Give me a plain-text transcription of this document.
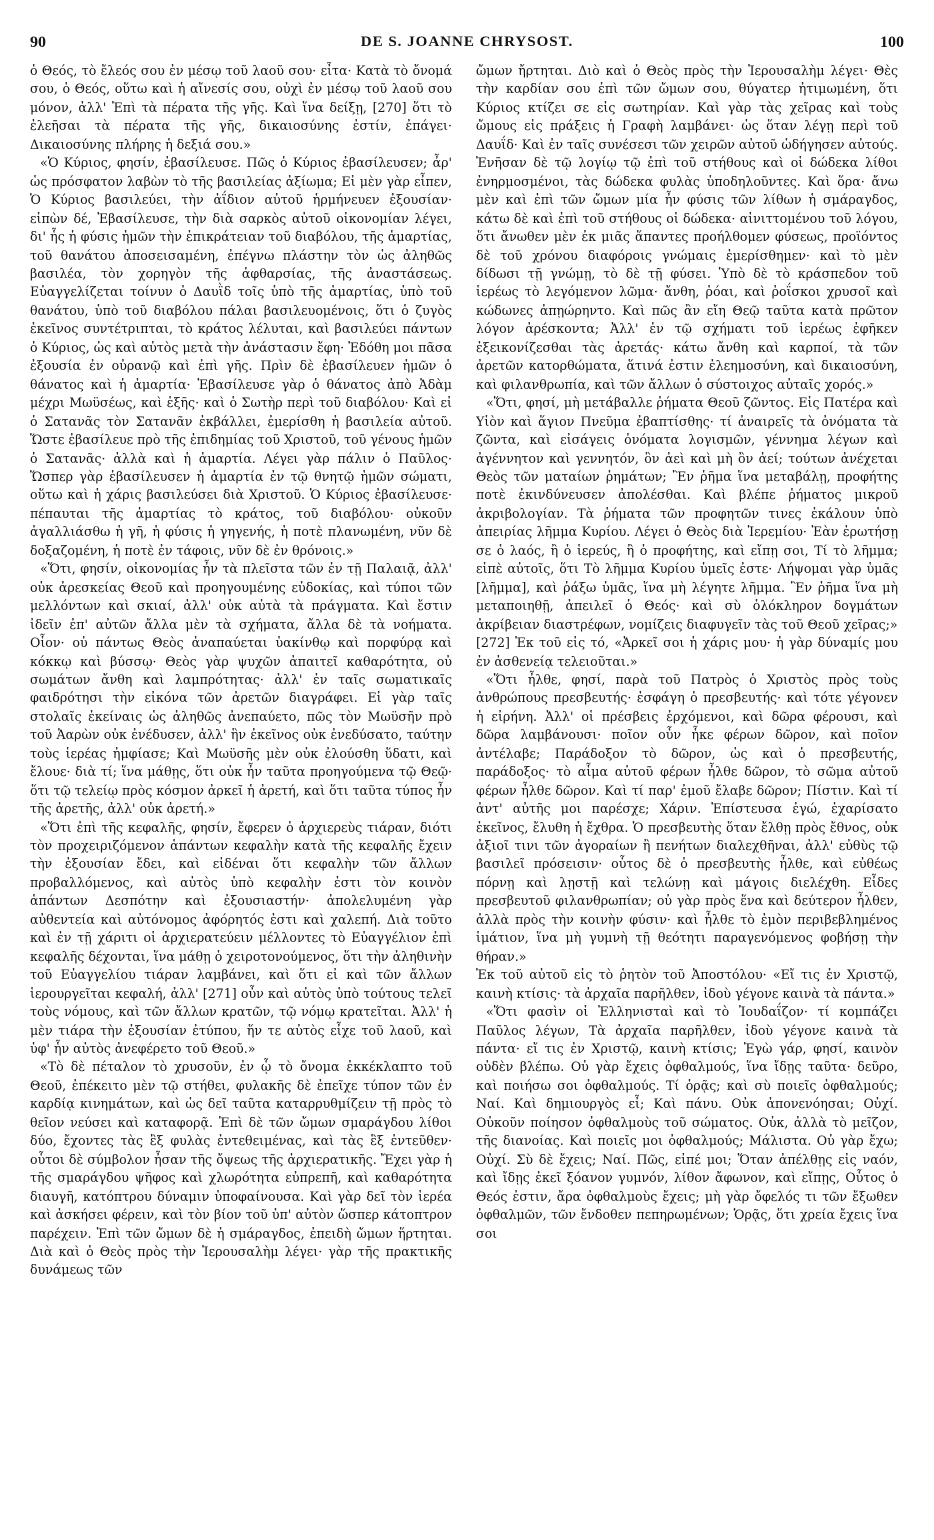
90	DE S. JOANNE CHRYSOST.	100

ὁ Θεός, τὸ ἔλεός σου ἐν μέσῳ τοῦ λαοῦ σου· εἶτα· Κατὰ τὸ ὄνομά σου, ὁ Θεός, οὕτω καὶ ἡ αἴνεσίς σου, οὐχὶ ἐν μέσῳ τοῦ λαοῦ σου μόνον, ἀλλ' Ἐπὶ τὰ πέρατα τῆς γῆς. Καὶ ἵνα δείξῃ, [270] ὅτι τὸ ἐλεῆσαι τὰ πέρατα τῆς γῆς, δικαιοσύνης ἐστίν, ἐπάγει· Δικαιοσύνης πλήρης ἡ δεξιά σου.»

«Ὁ Κύριος, φησίν, ἐβασίλευσε. Πῶς ὁ Κύριος ἐβασίλευσεν; ἆρ' ὡς πρόσφατον λαβὼν τὸ τῆς βασιλείας ἀξίωμα; Εἰ μὲν γὰρ εἶπεν, Ὁ Κύριος βασιλεύει, τὴν ἀΐδιον αὐτοῦ ἡρμήνευεν ἐξουσίαν· εἰπὼν δέ, Ἐβασίλευσε, τὴν διὰ σαρκὸς αὐτοῦ οἰκονομίαν λέγει, δι' ἧς ἡ φύσις ἡμῶν τὴν ἐπικράτειαν τοῦ διαβόλου, τῆς ἁμαρτίας, τοῦ θανάτου ἀποσεισαμένη, ἐπέγνω πλάστην τὸν ὡς ἀληθῶς βασιλέα, τὸν χορηγὸν τῆς ἀφθαρσίας, τῆς ἀναστάσεως. Εὐαγγελίζεται τοίνυν ὁ Δαυῒδ τοῖς ὑπὸ τῆς ἁμαρτίας, ὑπὸ τοῦ θανάτου, ὑπὸ τοῦ διαβόλου πάλαι βασιλευομένοις, ὅτι ὁ ζυγὸς ἐκεῖνος συντέτριπται, τὸ κράτος λέλυται, καὶ βασιλεύει πάντων ὁ Κύριος, ὡς καὶ αὐτὸς μετὰ τὴν ἀνάστασιν ἔφη· Ἐδόθη μοι πᾶσα ἐξουσία ἐν οὐρανῷ καὶ ἐπὶ γῆς. Πρὶν δὲ ἐβασίλευεν ἡμῶν ὁ θάνατος καὶ ἡ ἁμαρτία· Ἐβασίλευσε γὰρ ὁ θάνατος ἀπὸ Ἀδὰμ μέχρι Μωϋσέως, καὶ ἑξῆς· καὶ ὁ Σωτὴρ περὶ τοῦ διαβόλου· Καὶ εἰ ὁ Σατανᾶς τὸν Σατανᾶν ἐκβάλλει, ἐμερίσθη ἡ βασιλεία αὐτοῦ. Ὥστε ἐβασίλευε πρὸ τῆς ἐπιδημίας τοῦ Χριστοῦ, τοῦ γένους ἡμῶν ὁ Σατανᾶς· ἀλλὰ καὶ ἡ ἁμαρτία. Λέγει γὰρ πάλιν ὁ Παῦλος· Ὥσπερ γὰρ ἐβασίλευσεν ἡ ἁμαρτία ἐν τῷ θνητῷ ἡμῶν σώματι, οὕτω καὶ ἡ χάρις βασιλεύσει διὰ Χριστοῦ. Ὁ Κύριος ἐβασίλευσε· πέπαυται τῆς ἁμαρτίας τὸ κράτος, τοῦ διαβόλου· οὐκοῦν ἀγαλλιάσθω ἡ γῆ, ἡ φύσις ἡ γηγενής, ἡ ποτὲ πλανωμένη, νῦν δὲ δοξαζομένη, ἡ ποτὲ ἐν τάφοις, νῦν δὲ ἐν θρόνοις.»

«Ὅτι, φησίν, οἰκονομίας ἦν τὰ πλεῖστα τῶν ἐν τῇ Παλαιᾷ, ἀλλ' οὐκ ἀρεσκείας Θεοῦ καὶ προηγουμένης εὐδοκίας, καὶ τύποι τῶν μελλόντων καὶ σκιαί, ἀλλ' οὐκ αὐτὰ τὰ πράγματα. Καὶ ἔστιν ἰδεῖν ἐπ' αὐτῶν ἄλλα μὲν τὰ σχήματα, ἄλλα δὲ τὰ νοήματα. Οἷον· οὐ πάντως Θεὸς ἀναπαύεται ὑακίνθῳ καὶ πορφύρᾳ καὶ κόκκῳ καὶ βύσσῳ· Θεὸς γὰρ ψυχῶν ἀπαιτεῖ καθαρότητα, οὐ σωμάτων ἄνθη καὶ λαμπρότητας· ἀλλ' ἐν ταῖς σωματικαῖς φαιδρότησι τὴν εἰκόνα τῶν ἀρετῶν διαγράφει. Εἰ γὰρ ταῖς στολαῖς ἐκείναις ὡς ἀληθῶς ἀνεπαύετο, πῶς τὸν Μωϋσῆν πρὸ τοῦ Ἀαρὼν οὐκ ἐνέδυσεν, ἀλλ' ἣν ἐκεῖνος οὐκ ἐνεδύσατο, ταύτην τοὺς ἱερέας ἠμφίασε; Καὶ Μωϋσῆς μὲν οὐκ ἐλούσθη ὕδατι, καὶ ἔλουε· διὰ τί; ἵνα μάθῃς, ὅτι οὐκ ἦν ταῦτα προηγούμενα τῷ Θεῷ· ὅτι τῷ τελείῳ πρὸς κόσμον ἀρκεῖ ἡ ἀρετή, καὶ ὅτι ταῦτα τύπος ἦν τῆς ἀρετῆς, ἀλλ' οὐκ ἀρετή.»

«Ὅτι ἐπὶ τῆς κεφαλῆς, φησίν, ἔφερεν ὁ ἀρχιερεὺς τιάραν, διότι τὸν προχειριζόμενον ἁπάντων κεφαλὴν κατὰ τῆς κεφαλῆς ἔχειν τὴν ἐξουσίαν ἔδει, καὶ εἰδέναι ὅτι κεφαλὴν τῶν ἄλλων προβαλλόμενος, καὶ αὐτὸς ὑπὸ κεφαλὴν ἐστι τὸν κοινὸν ἁπάντων Δεσπότην καὶ ἐξουσιαστήν· ἀπολελυμένη γὰρ αὐθεντεία καὶ αὐτόνομος ἀφόρητός ἐστι καὶ χαλεπή. Διὰ τοῦτο καὶ ἐν τῇ χάριτι οἱ ἀρχιερατεύειν μέλλοντες τὸ Εὐαγγέλιον ἐπὶ κεφαλῆς δέχονται, ἵνα μάθῃ ὁ χειροτονούμενος, ὅτι τὴν ἀληθινὴν τοῦ Εὐαγγελίου τιάραν λαμβάνει, καὶ ὅτι εἰ καὶ τῶν ἄλλων ἱερουργεῖται κεφαλή, ἀλλ' [271] οὖν καὶ αὐτὸς ὑπὸ τούτους τελεῖ τοὺς νόμους, καὶ τῶν ἄλλων κρατῶν, τῷ νόμῳ κρατεῖται. Ἀλλ' ἡ μὲν τιάρα τὴν ἐξουσίαν ἐτύπου, ἥν τε αὐτὸς εἶχε τοῦ λαοῦ, καὶ ὑφ' ἧν αὐτὸς ἀνεφέρετο τοῦ Θεοῦ.»

«Τὸ δὲ πέταλον τὸ χρυσοῦν, ἐν ᾧ τὸ ὄνομα ἐκκέκλαπτο τοῦ Θεοῦ, ἐπέκειτο μὲν τῷ στήθει, φυλακῆς δὲ ἐπεῖχε τύπον τῶν ἐν καρδίᾳ κινημάτων, καὶ ὡς δεῖ ταῦτα καταρρυθμίζειν τῇ πρὸς τὸ θεῖον νεύσει καὶ καταφορᾷ. Ἐπὶ δὲ τῶν ὤμων σμαράγδου λίθοι δύο, ἔχοντες τὰς ἓξ φυλὰς ἐντεθειμένας, καὶ τὰς ἓξ ἐντεῦθεν· οὗτοι δὲ σύμβολον ἦσαν τῆς ὄψεως τῆς ἀρχιερατικῆς. Ἔχει γὰρ ἡ τῆς σμαράγδου ψῆφος καὶ χλωρότητα εὐπρεπῆ, καὶ καθαρότητα διαυγῆ, κατόπτρου δύναμιν ὑποφαίνουσα. Καὶ γὰρ δεῖ τὸν ἱερέα καὶ ἀσκήσει φέρειν, καὶ τὸν βίον τοῦ ὑπ' αὐτὸν ὥσπερ κάτοπτρον παρέχειν. Ἐπὶ τῶν ὤμων δὲ ἡ σμάραγδος, ἐπειδὴ ὤμων ἥρτηται. Διὰ καὶ ὁ Θεὸς πρὸς τὴν Ἱερουσαλὴμ λέγει· γὰρ τῆς πρακτικῆς δυνάμεως τῶν

ὤμων ἤρτηται. Διὸ καὶ ὁ Θεὸς πρὸς τὴν Ἱερουσαλὴμ λέγει· Θὲς τὴν καρδίαν σου ἐπὶ τῶν ὤμων σου, θύγατερ ἠτιμωμένη, ὅτι Κύριος κτίζει σε εἰς σωτηρίαν. Καὶ γὰρ τὰς χεῖρας καὶ τοὺς ὤμους εἰς πράξεις ἡ Γραφὴ λαμβάνει· ὡς ὅταν λέγῃ περὶ τοῦ Δαυΐδ· Καὶ ἐν ταῖς συνέσεσι τῶν χειρῶν αὐτοῦ ὡδήγησεν αὐτούς. Ἐνῆσαν δὲ τῷ λογίῳ τῷ ἐπὶ τοῦ στήθους καὶ οἱ δώδεκα λίθοι ἐνηρμοσμένοι, τὰς δώδεκα φυλὰς ὑποδηλοῦντες. Καὶ ὅρα· ἄνω μὲν καὶ ἐπὶ τῶν ὤμων μία ἦν φύσις τῶν λίθων ἡ σμάραγδος, κάτω δὲ καὶ ἐπὶ τοῦ στήθους οἱ δώδεκα· αἰνιττομένου τοῦ λόγου, ὅτι ἄνωθεν μὲν ἐκ μιᾶς ἅπαντες προήλθομεν φύσεως, προϊόντος δὲ τοῦ χρόνου διαφόροις γνώμαις ἐμερίσθημεν· καὶ τὸ μὲν δίδωσι τῇ γνώμῃ, τὸ δὲ τῇ φύσει. Ὑπὸ δὲ τὸ κράσπεδον τοῦ ἱερέως τὸ λεγόμενον λῶμα· ἄνθη, ῥόαι, καὶ ῥοΐσκοι χρυσοῖ καὶ κώδωνες ἀπῃώρηντο. Καὶ πῶς ἂν εἴη Θεῷ ταῦτα κατὰ πρῶτον λόγον ἀρέσκοντα; Ἀλλ' ἐν τῷ σχήματι τοῦ ἱερέως ἐφῆκεν ἐξεικονίζεσθαι τὰς ἀρετάς· κάτω ἄνθη καὶ καρποί, τὰ τῶν ἀρετῶν κατορθώματα, ἅτινά ἐστιν ἐλεημοσύνη, καὶ δικαιοσύνη, καὶ φιλανθρωπία, καὶ τῶν ἄλλων ὁ σύστοιχος αὐταῖς χορός.»

«Ὅτι, φησί, μὴ μετάβαλλε ῥήματα Θεοῦ ζῶντος. Εἰς Πατέρα καὶ Υἱὸν καὶ ἅγιον Πνεῦμα ἐβαπτίσθης· τί ἀναιρεῖς τὰ ὀνόματα τὰ ζῶντα, καὶ εἰσάγεις ὀνόματα λογισμῶν, γέννημα λέγων καὶ ἀγέννητον καὶ γεννητόν, ὃν ἀεὶ καὶ μὴ ὂν ἀεί; τούτων ἀνέχεται Θεὸς τῶν ματαίων ῥημάτων; Ἓν ῥῆμα ἵνα μεταβάλῃ, προφήτης ποτὲ ἐκινδύνευσεν ἀπολέσθαι. Καὶ βλέπε ῥήματος μικροῦ ἀκριβολογίαν. Τὰ ῥήματα τῶν προφητῶν τινες ἐκάλουν ὑπὸ ἀπειρίας λῆμμα Κυρίου. Λέγει ὁ Θεὸς διὰ Ἱερεμίου· Ἐὰν ἐρωτήσῃ σε ὁ λαός, ἢ ὁ ἱερεύς, ἢ ὁ προφήτης, καὶ εἴπῃ σοι, Τί τὸ λῆμμα; εἰπὲ αὐτοῖς, ὅτι Τὸ λῆμμα Κυρίου ὑμεῖς ἐστε· Λήψομαι γὰρ ὑμᾶς [λῆμμα], καὶ ῥάξω ὑμᾶς, ἵνα μὴ λέγητε λῆμμα. Ἓν ῥῆμα ἵνα μὴ μεταποιηθῇ, ἀπειλεῖ ὁ Θεός· καὶ σὺ ὁλόκληρον δογμάτων ἀκρίβειαν διαστρέφων, νομίζεις διαφυγεῖν τὰς τοῦ Θεοῦ χεῖρας;»

[272] Ἐκ τοῦ εἰς τό, «Ἀρκεῖ σοι ἡ χάρις μου· ἡ γὰρ δύναμίς μου ἐν ἀσθενείᾳ τελειοῦται.»

«Ὅτι ἦλθε, φησί, παρὰ τοῦ Πατρὸς ὁ Χριστὸς πρὸς τοὺς ἀνθρώπους πρεσβευτής· ἐσφάγη ὁ πρεσβευτής· καὶ τότε γέγονεν ἡ εἰρήνη. Ἀλλ' οἱ πρέσβεις ἐρχόμενοι, καὶ δῶρα φέρουσι, καὶ δῶρα λαμβάνουσι· ποῖον οὖν ἧκε φέρων δῶρον, καὶ ποῖον ἀντέλαβε; Παράδοξον τὸ δῶρον, ὡς καὶ ὁ πρεσβευτής, παράδοξος· τὸ αἷμα αὐτοῦ φέρων ἦλθε δῶρον, τὸ σῶμα αὐτοῦ φέρων ἦλθε δῶρον. Καὶ τί παρ' ἐμοῦ ἔλαβε δῶρον; Πίστιν. Καὶ τί ἀντ' αὐτῆς μοι παρέσχε; Χάριν. Ἐπίστευσα ἐγώ, ἐχαρίσατο ἐκεῖνος, ἔλυθη ἡ ἔχθρα. Ὁ πρεσβευτὴς ὅταν ἔλθῃ πρὸς ἔθνος, οὐκ ἀξιοῖ τινι τῶν ἀγοραίων ἢ πενήτων διαλεχθῆναι, ἀλλ' εὐθὺς τῷ βασιλεῖ πρόσεισιν· οὗτος δὲ ὁ πρεσβευτὴς ἦλθε, καὶ εὐθέως πόρνῃ καὶ λῃστῇ καὶ τελώνῃ καὶ μάγοις διελέχθη. Εἶδες πρεσβευτοῦ φιλανθρωπίαν; οὐ γὰρ πρὸς ἕνα καὶ δεύτερον ἦλθεν, ἀλλὰ πρὸς τὴν κοινὴν φύσιν· καὶ ἦλθε τὸ ἐμὸν περιβεβλημένος ἱμάτιον, ἵνα μὴ γυμνὴ τῇ θεότητι παραγενόμενος φοβήσῃ τὴν θήραν.»

Ἐκ τοῦ αὐτοῦ εἰς τὸ ῥητὸν τοῦ Ἀποστόλου· «Εἴ τις ἐν Χριστῷ, καινὴ κτίσις· τὰ ἀρχαῖα παρῆλθεν, ἰδοὺ γέγονε καινὰ τὰ πάντα.»

«Ὅτι φασὶν οἱ Ἑλληνισταὶ καὶ τὸ Ἰουδαΐζον· τί κομπάζει Παῦλος λέγων, Τὰ ἀρχαῖα παρῆλθεν, ἰδοὺ γέγονε καινὰ τὰ πάντα· εἴ τις ἐν Χριστῷ, καινὴ κτίσις; Ἐγὼ γάρ, φησί, καινὸν οὐδὲν βλέπω. Οὐ γὰρ ἔχεις ὀφθαλμούς, ἵνα ἴδῃς ταῦτα· δεῦρο, καὶ ποιήσω σοι ὀφθαλμούς. Τί ὁρᾷς; καὶ σὺ ποιεῖς ὀφθαλμούς; Ναί. Καὶ δημιουργὸς εἶ; Καὶ πάνυ. Οὐκ ἀπονενόησαι; Οὐχί. Οὐκοῦν ποίησον ὀφθαλμοὺς τοῦ σώματος. Οὐκ, ἀλλὰ τὸ μεῖζον, τῆς διανοίας. Καὶ ποιεῖς μοι ὀφθαλμούς; Μάλιστα. Οὐ γὰρ ἔχω; Οὐχί. Σὺ δὲ ἔχεις; Ναί. Πῶς, εἰπέ μοι; Ὅταν ἀπέλθῃς εἰς ναόν, καὶ ἴδῃς ἐκεῖ ξόανον γυμνόν, λίθον ἄφωνον, καὶ εἴπῃς, Οὗτος ὁ Θεός ἐστιν, ἄρα ὀφθαλμοὺς ἔχεις; μὴ γὰρ ὄφελός τι τῶν ἔξωθεν ὀφθαλμῶν, τῶν ἔνδοθεν πεπηρωμένων; Ὁρᾷς, ὅτι χρεία ἔχεις ἵνα σοι
